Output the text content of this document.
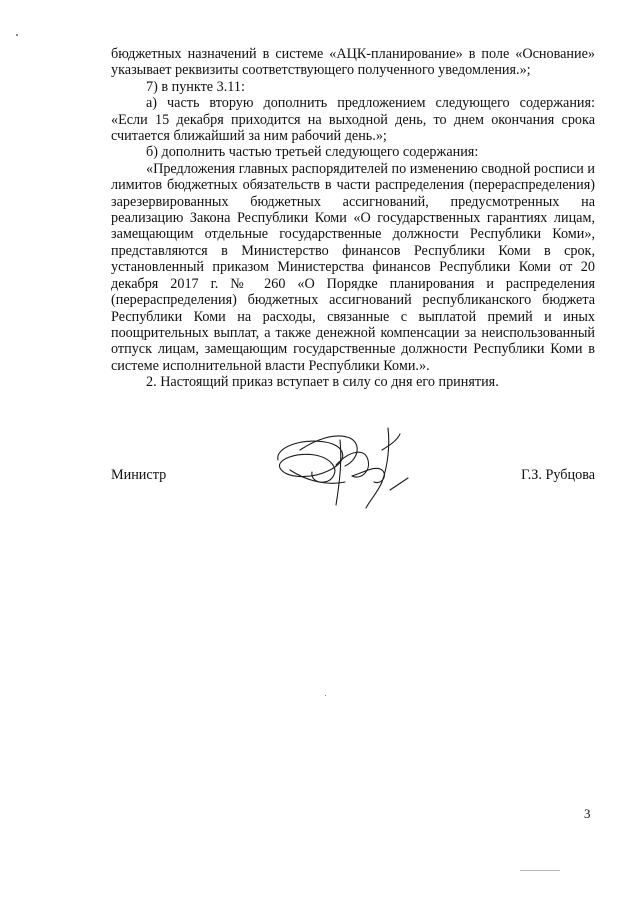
бюджетных назначений в системе «АЦК-планирование» в поле «Основание» указывает реквизиты соответствующего полученного уведомления.»;

7) в пункте 3.11:

а) часть вторую дополнить предложением следующего содержания: «Если 15 декабря приходится на выходной день, то днем окончания срока считается ближайший за ним рабочий день.»;

б) дополнить частью третьей следующего содержания:

«Предложения главных распорядителей по изменению сводной росписи и лимитов бюджетных обязательств в части распределения (перераспределения) зарезервированных бюджетных ассигнований, предусмотренных на реализацию Закона Республики Коми «О государственных гарантиях лицам, замещающим отдельные государственные должности Республики Коми», представляются в Министерство финансов Республики Коми в срок, установленный приказом Министерства финансов Республики Коми от 20 декабря 2017 г. № 260 «О Порядке планирования и распределения (перераспределения) бюджетных ассигнований республиканского бюджета Республики Коми на расходы, связанные с выплатой премий и иных поощрительных выплат, а также денежной компенсации за неиспользованный отпуск лицам, замещающим государственные должности Республики Коми в системе исполнительной власти Республики Коми.».

2. Настоящий приказ вступает в силу со дня его принятия.

Министр	Г.З. Рубцова
3
